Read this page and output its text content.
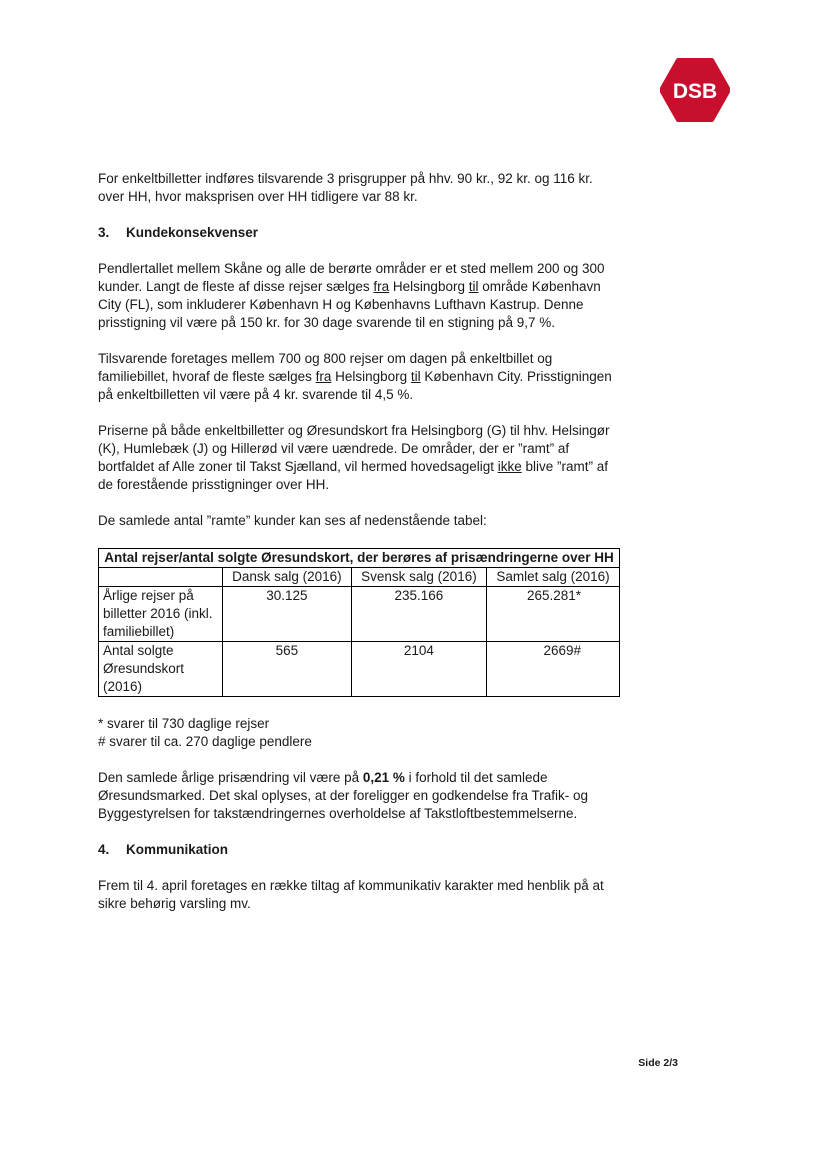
DSB

For enkeltbilletter indføres tilsvarende 3 prisgrupper på hhv. 90 kr., 92 kr. og 116 kr. over HH, hvor maksprisen over HH tidligere var 88 kr.

3. Kundekonsekvenser

Pendlertallet mellem Skåne og alle de berørte områder er et sted mellem 200 og 300 kunder. Langt de fleste af disse rejser sælges fra Helsingborg til område København City (FL), som inkluderer København H og Københavns Lufthavn Kastrup. Denne prisstigning vil være på 150 kr. for 30 dage svarende til en stigning på 9,7 %.

Tilsvarende foretages mellem 700 og 800 rejser om dagen på enkeltbillet og familiebillet, hvoraf de fleste sælges fra Helsingborg til København City. Prisstigningen på enkeltbilletten vil være på 4 kr. svarende til 4,5 %.

Priserne på både enkeltbilletter og Øresundskort fra Helsingborg (G) til hhv. Helsingør (K), Humlebæk (J) og Hillerød vil være uændrede. De områder, der er ”ramt” af bortfaldet af Alle zoner til Takst Sjælland, vil hermed hovedsageligt ikke blive ”ramt” af de forestående prisstigninger over HH.

De samlede antal ”ramte” kunder kan ses af nedenstående tabel:

Antal rejser/antal solgte Øresundskort, der berøres af prisændringerne over HH			
	Dansk salg (2016)	Svensk salg (2016)	Samlet salg (2016)
Årlige rejser på billetter 2016 (inkl. familiebillet)	30.125	235.166	265.281*
Antal solgte Øresundskort (2016)	565	2104	2669#

* svarer til 730 daglige rejser

# svarer til ca. 270 daglige pendlere

Den samlede årlige prisændring vil være på 0,21 % i forhold til det samlede Øresundsmarked. Det skal oplyses, at der foreligger en godkendelse fra Trafik- og Byggestyrelsen for takstændringernes overholdelse af Takstloftbestemmelserne.

4. Kommunikation

Frem til 4. april foretages en række tiltag af kommunikativ karakter med henblik på at sikre behørig varsling mv.

Side 2/3
